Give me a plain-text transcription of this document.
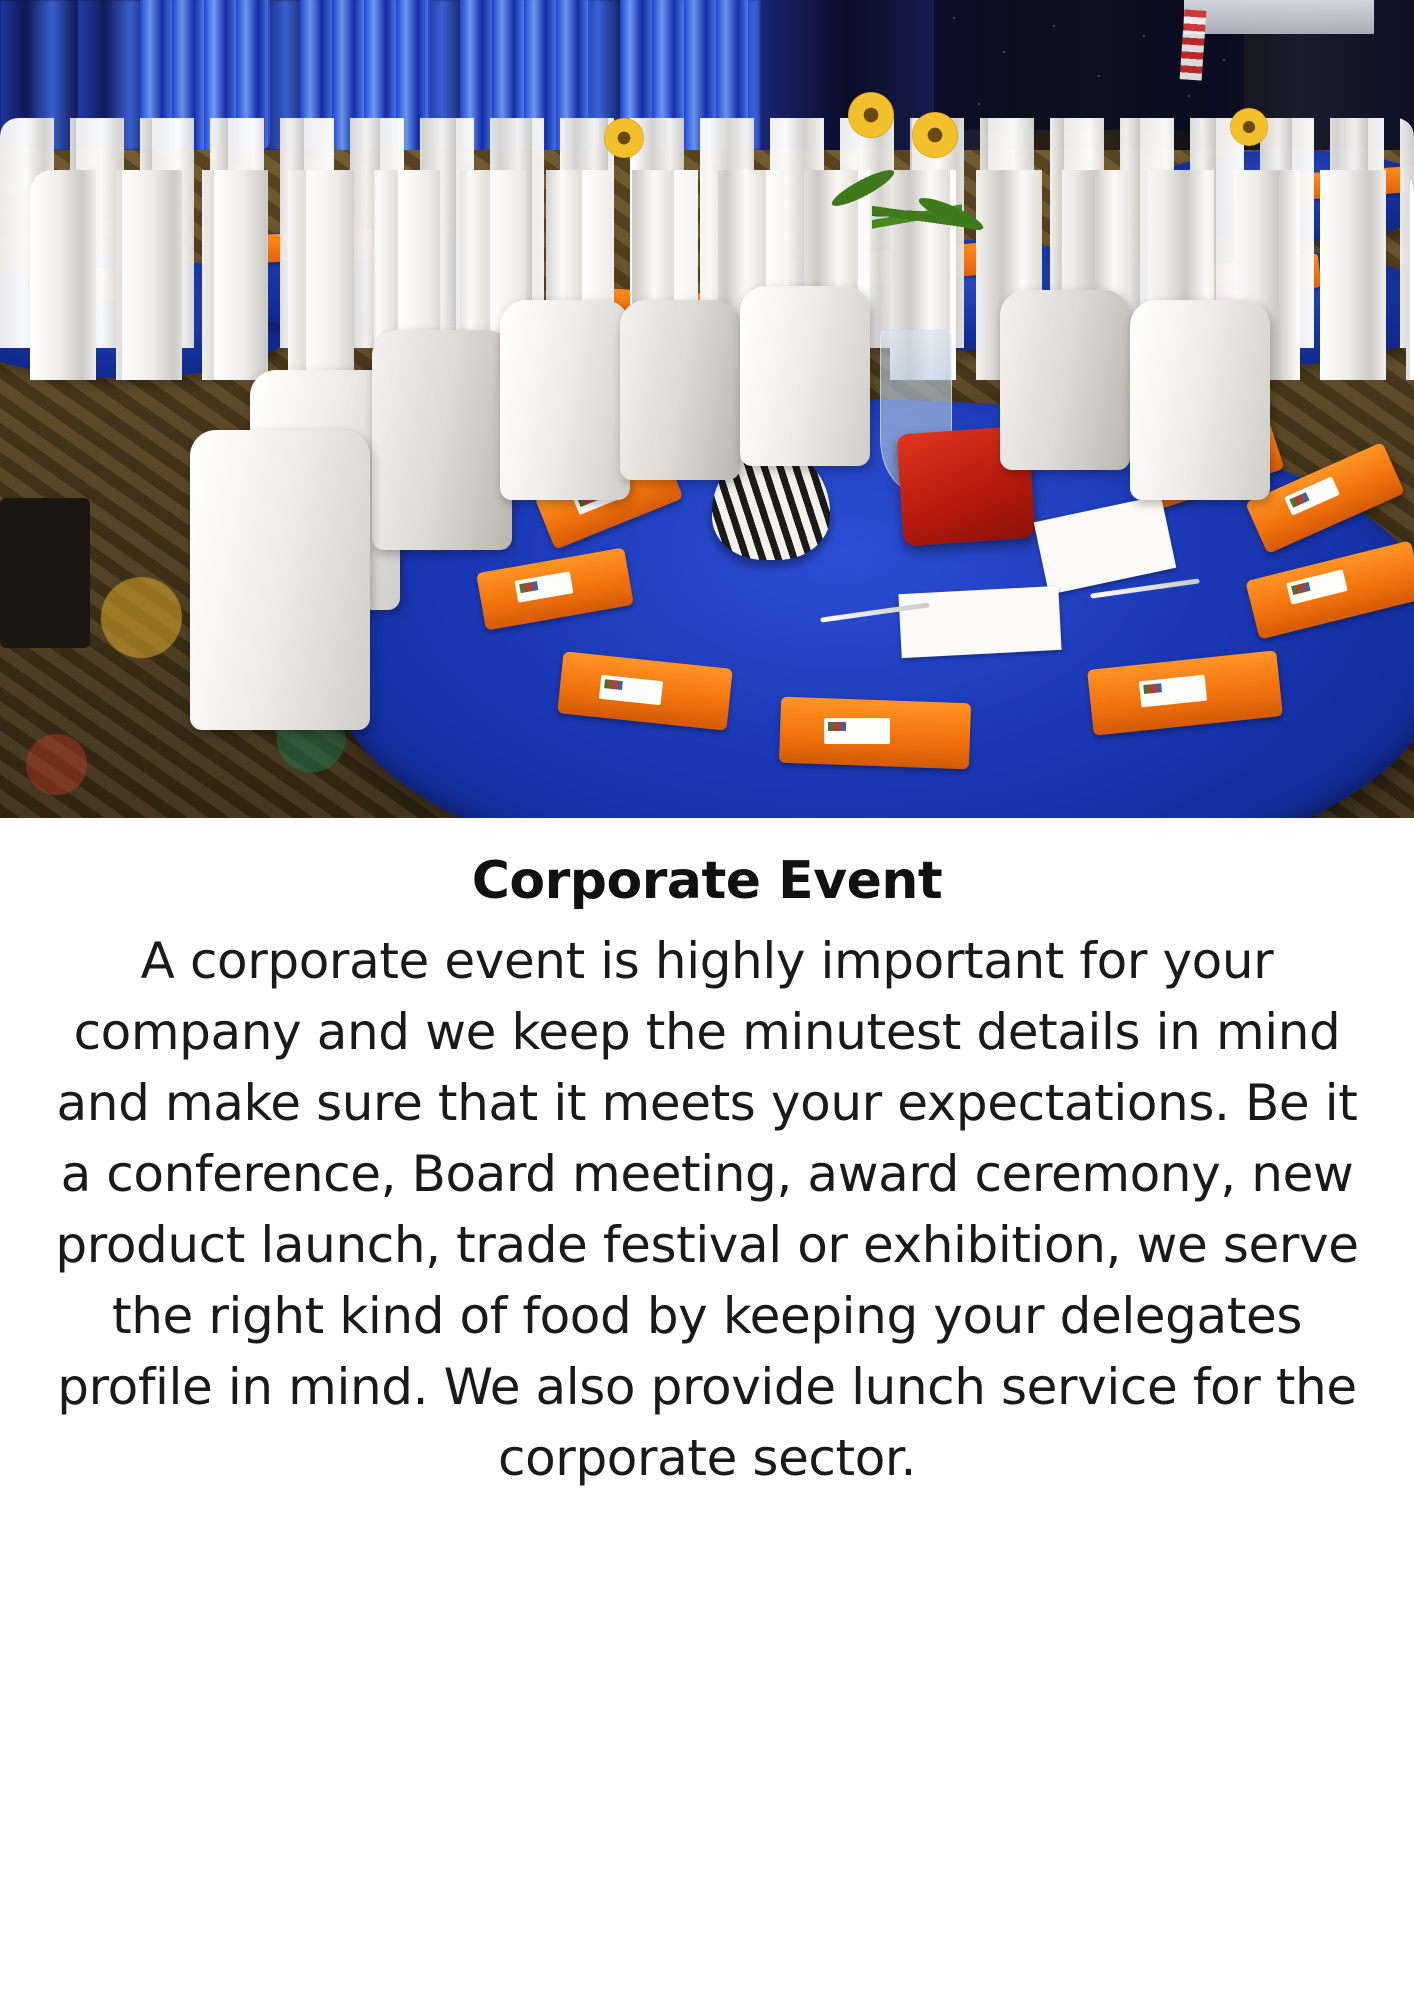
Corporate Event

A corporate event is highly important for your company and we keep the minutest details in mind and make sure that it meets your expectations. Be it a conference, Board meeting, award ceremony, new product launch, trade festival or exhibition, we serve the right kind of food by keeping your delegates profile in mind. We also provide lunch service for the corporate sector.
